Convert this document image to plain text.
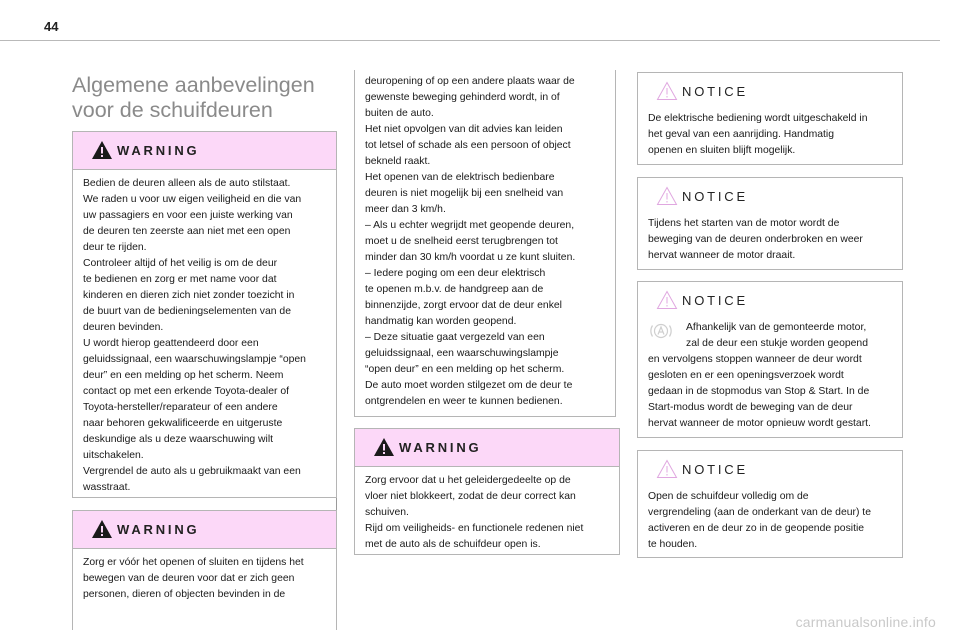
44
Algemene aanbevelingen voor de schuifdeuren
WARNING

Bedien de deuren alleen als de auto stilstaat.

We raden u voor uw eigen veiligheid en die van

uw passagiers en voor een juiste werking van

de deuren ten zeerste aan niet met een open

deur te rijden.

Controleer altijd of het veilig is om de deur

te bedienen en zorg er met name voor dat

kinderen en dieren zich niet zonder toezicht in

de buurt van de bedieningselementen van de

deuren bevinden.

U wordt hierop geattendeerd door een

geluidssignaal, een waarschuwingslampje “open

deur” en een melding op het scherm. Neem

contact op met een erkende Toyota-dealer of

Toyota-hersteller/reparateur of een andere

naar behoren gekwalificeerde en uitgeruste

deskundige als u deze waarschuwing wilt

uitschakelen.

Vergrendel de auto als u gebruikmaakt van een

wasstraat.

WARNING

Zorg er vóór het openen of sluiten en tijdens het

bewegen van de deuren voor dat er zich geen

personen, dieren of objecten bevinden in de

deuropening of op een andere plaats waar de

gewenste beweging gehinderd wordt, in of

buiten de auto.

Het niet opvolgen van dit advies kan leiden

tot letsel of schade als een persoon of object

bekneld raakt.

Het openen van de elektrisch bedienbare

deuren is niet mogelijk bij een snelheid van

meer dan 3 km/h.

– Als u echter wegrijdt met geopende deuren,

moet u de snelheid eerst terugbrengen tot

minder dan 30 km/h voordat u ze kunt sluiten.

– Iedere poging om een deur elektrisch

te openen m.b.v. de handgreep aan de

binnenzijde, zorgt ervoor dat de deur enkel

handmatig kan worden geopend.

– Deze situatie gaat vergezeld van een

geluidssignaal, een waarschuwingslampje

“open deur” en een melding op het scherm.

De auto moet worden stilgezet om de deur te

ontgrendelen en weer te kunnen bedienen.

WARNING

Zorg ervoor dat u het geleidergedeelte op de

vloer niet blokkeert, zodat de deur correct kan

schuiven.

Rijd om veiligheids- en functionele redenen niet

met de auto als de schuifdeur open is.

NOTICE

De elektrische bediening wordt uitgeschakeld in

het geval van een aanrijding. Handmatig

openen en sluiten blijft mogelijk.

NOTICE

Tijdens het starten van de motor wordt de

beweging van de deuren onderbroken en weer

hervat wanneer de motor draait.

NOTICE

Afhankelijk van de gemonteerde motor,

zal de deur een stukje worden geopend

en vervolgens stoppen wanneer de deur wordt

gesloten en er een openingsverzoek wordt

gedaan in de stopmodus van Stop & Start. In de

Start-modus wordt de beweging van de deur

hervat wanneer de motor opnieuw wordt gestart.

NOTICE

Open de schuifdeur volledig om de

vergrendeling (aan de onderkant van de deur) te

activeren en de deur zo in de geopende positie

te houden.

carmanualsonline.info
